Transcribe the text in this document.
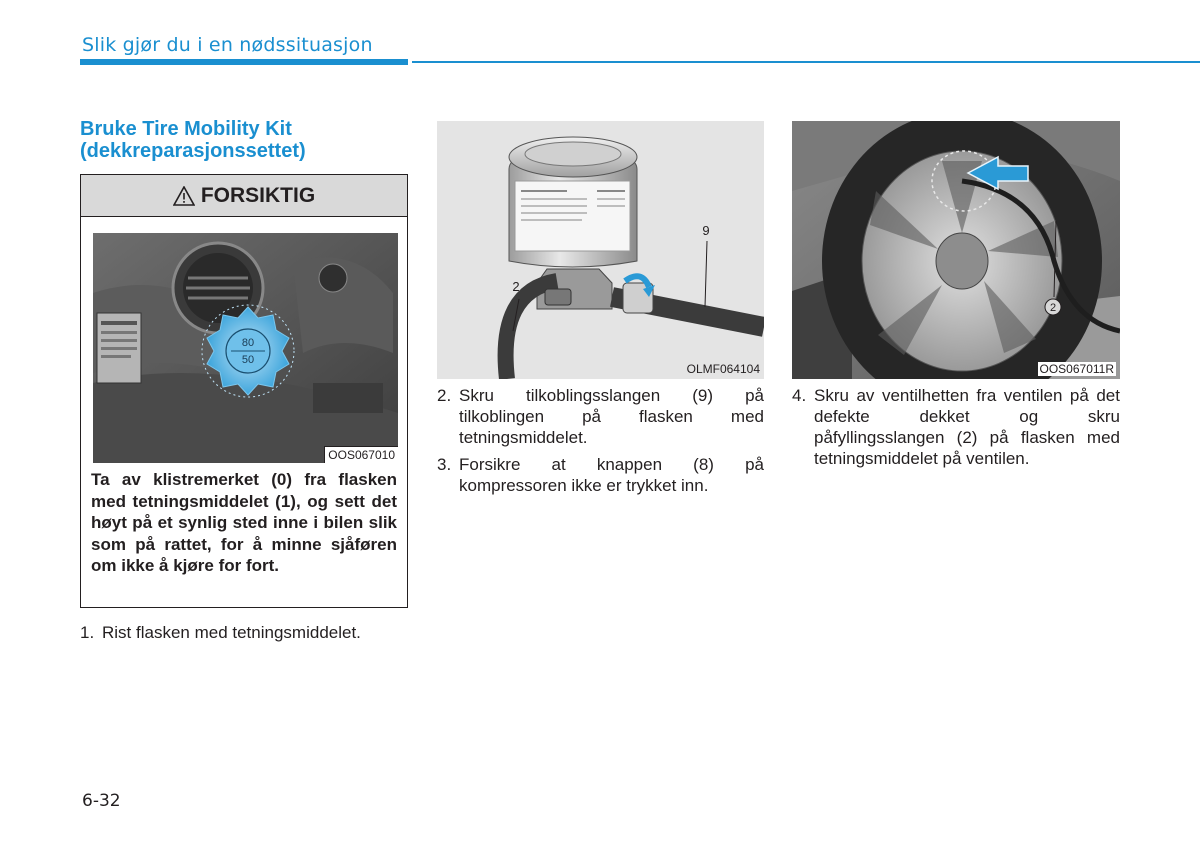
Slik gjør du i en nødssituasjon
Bruke Tire Mobility Kit
(dekkreparasjonssettet)
FORSIKTIG
80
50
OOS067010
Ta av klistremerket (0) fra flasken med tetningsmiddelet (1), og sett det høyt på et synlig sted inne i bilen slik som på rattet, for å minne sjåføren om ikke å kjøre for fort.
1. Rist flasken med tetningsmiddelet.
2
9
OLMF064104
2
OOS067011R
2. Skru tilkoblingsslangen (9) på tilkoblingen på flasken med tetningsmiddelet.
3. Forsikre at knappen (8) på kompressoren ikke er trykket inn.
4. Skru av ventilhetten fra ventilen på det defekte dekket og skru påfyllingsslangen (2) på flasken med tetningsmiddelet på ventilen.
6-32
